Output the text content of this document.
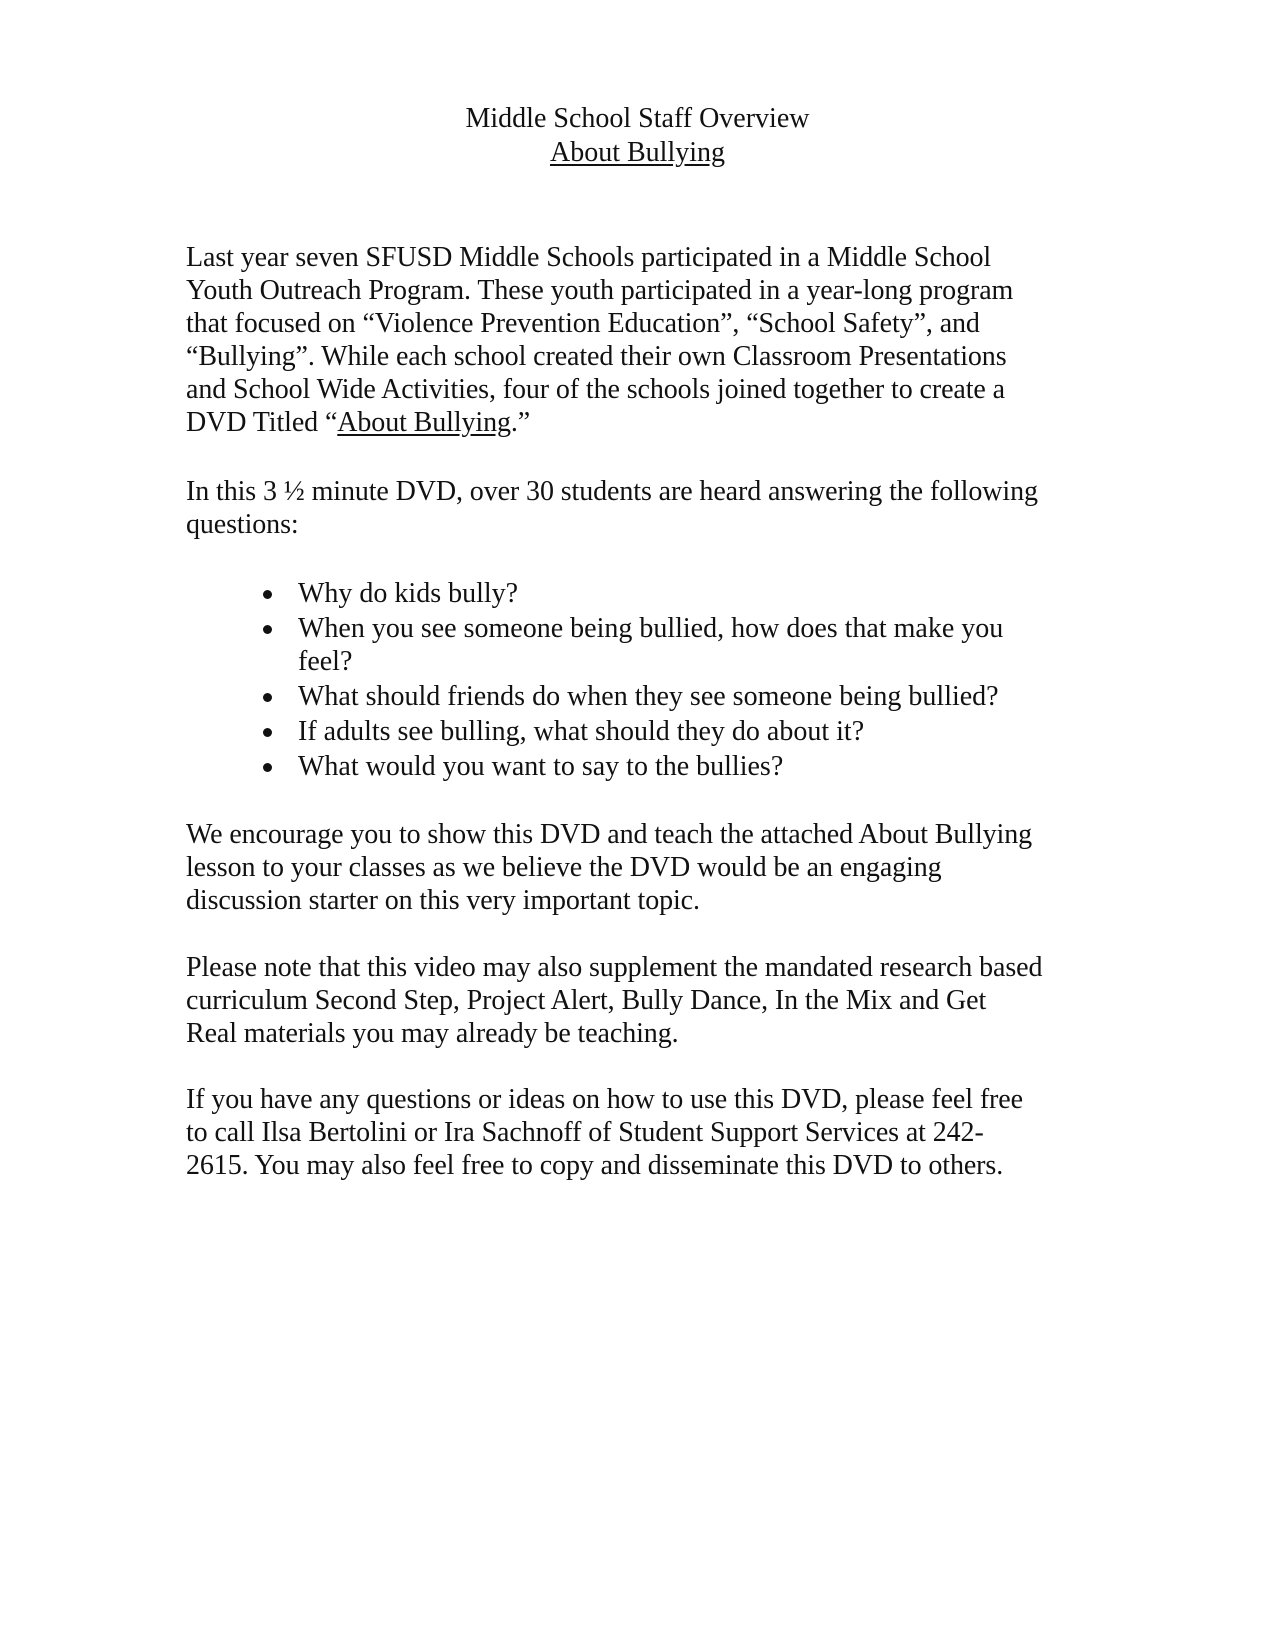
Middle School Staff Overview
About Bullying
Last year seven SFUSD Middle Schools participated in a Middle School
Youth Outreach Program. These youth participated in a year-long program
that focused on “Violence Prevention Education”, “School Safety”, and
“Bullying”. While each school created their own Classroom Presentations
and School Wide Activities, four of the schools joined together to create a
DVD Titled “About Bullying.”
In this 3 ½ minute DVD, over 30 students are heard answering the following
questions:
Why do kids bully?
When you see someone being bullied, how does that make you
feel?
What should friends do when they see someone being bullied?
If adults see bulling, what should they do about it?
What would you want to say to the bullies?
We encourage you to show this DVD and teach the attached About Bullying
lesson to your classes as we believe the DVD would be an engaging
discussion starter on this very important topic.
Please note that this video may also supplement the mandated research based
curriculum Second Step, Project Alert, Bully Dance, In the Mix and Get
Real materials you may already be teaching.
If you have any questions or ideas on how to use this DVD, please feel free
to call Ilsa Bertolini or Ira Sachnoff of Student Support Services at 242-
2615. You may also feel free to copy and disseminate this DVD to others.
